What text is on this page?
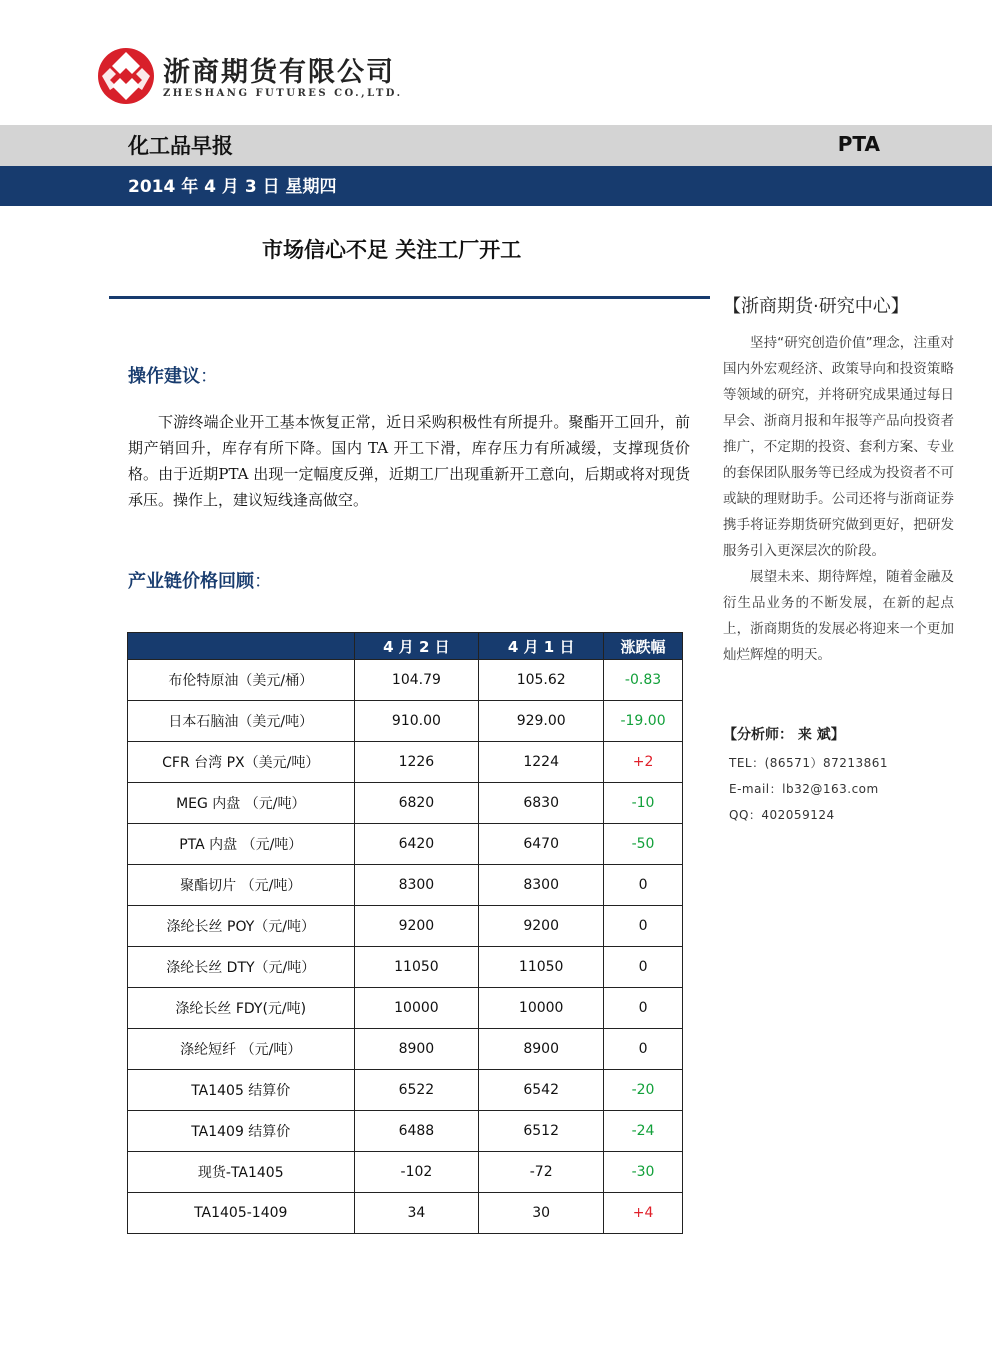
浙商期货有限公司
ZHESHANG FUTURES CO.,LTD.
化工品早报	PTA
2014 年 4 月 3 日 星期四
市场信心不足 关注工厂开工
操作建议：
下游终端企业开工基本恢复正常，近日采购积极性有所提升。聚酯开工回升，前期产销回升，库存有所下降。国内 TA 开工下滑，库存压力有所减缓，支撑现货价格。由于近期PTA 出现一定幅度反弹，近期工厂出现重新开工意向，后期或将对现货承压。操作上，建议短线逢高做空。
产业链价格回顾：
	4 月 2 日	4 月 1 日	涨跌幅
布伦特原油（美元/桶）	104.79	105.62	-0.83
日本石脑油（美元/吨）	910.00	929.00	-19.00
CFR 台湾 PX（美元/吨）	1226	1224	+2
MEG 内盘 （元/吨）	6820	6830	-10
PTA 内盘 （元/吨）	6420	6470	-50
聚酯切片 （元/吨）	8300	8300	0
涤纶长丝 POY（元/吨）	9200	9200	0
涤纶长丝 DTY（元/吨）	11050	11050	0
涤纶长丝 FDY(元/吨)	10000	10000	0
涤纶短纤 （元/吨）	8900	8900	0
TA1405 结算价	6522	6542	-20
TA1409 结算价	6488	6512	-24
现货-TA1405	-102	-72	-30
TA1405-1409	34	30	+4
【浙商期货·研究中心】

坚持“研究创造价值”理念，注重对国内外宏观经济、政策导向和投资策略等领域的研究，并将研究成果通过每日早会、浙商月报和年报等产品向投资者推广，不定期的投资、套利方案、专业的套保团队服务等已经成为投资者不可或缺的理财助手。公司还将与浙商证券携手将证券期货研究做到更好，把研发服务引入更深层次的阶段。

展望未来、期待辉煌，随着金融及衍生品业务的不断发展，在新的起点上，浙商期货的发展必将迎来一个更加灿烂辉煌的明天。

【分析师： 来 斌】
TEL：(86571）87213861
E-mail：lb32@163.com
QQ：402059124
